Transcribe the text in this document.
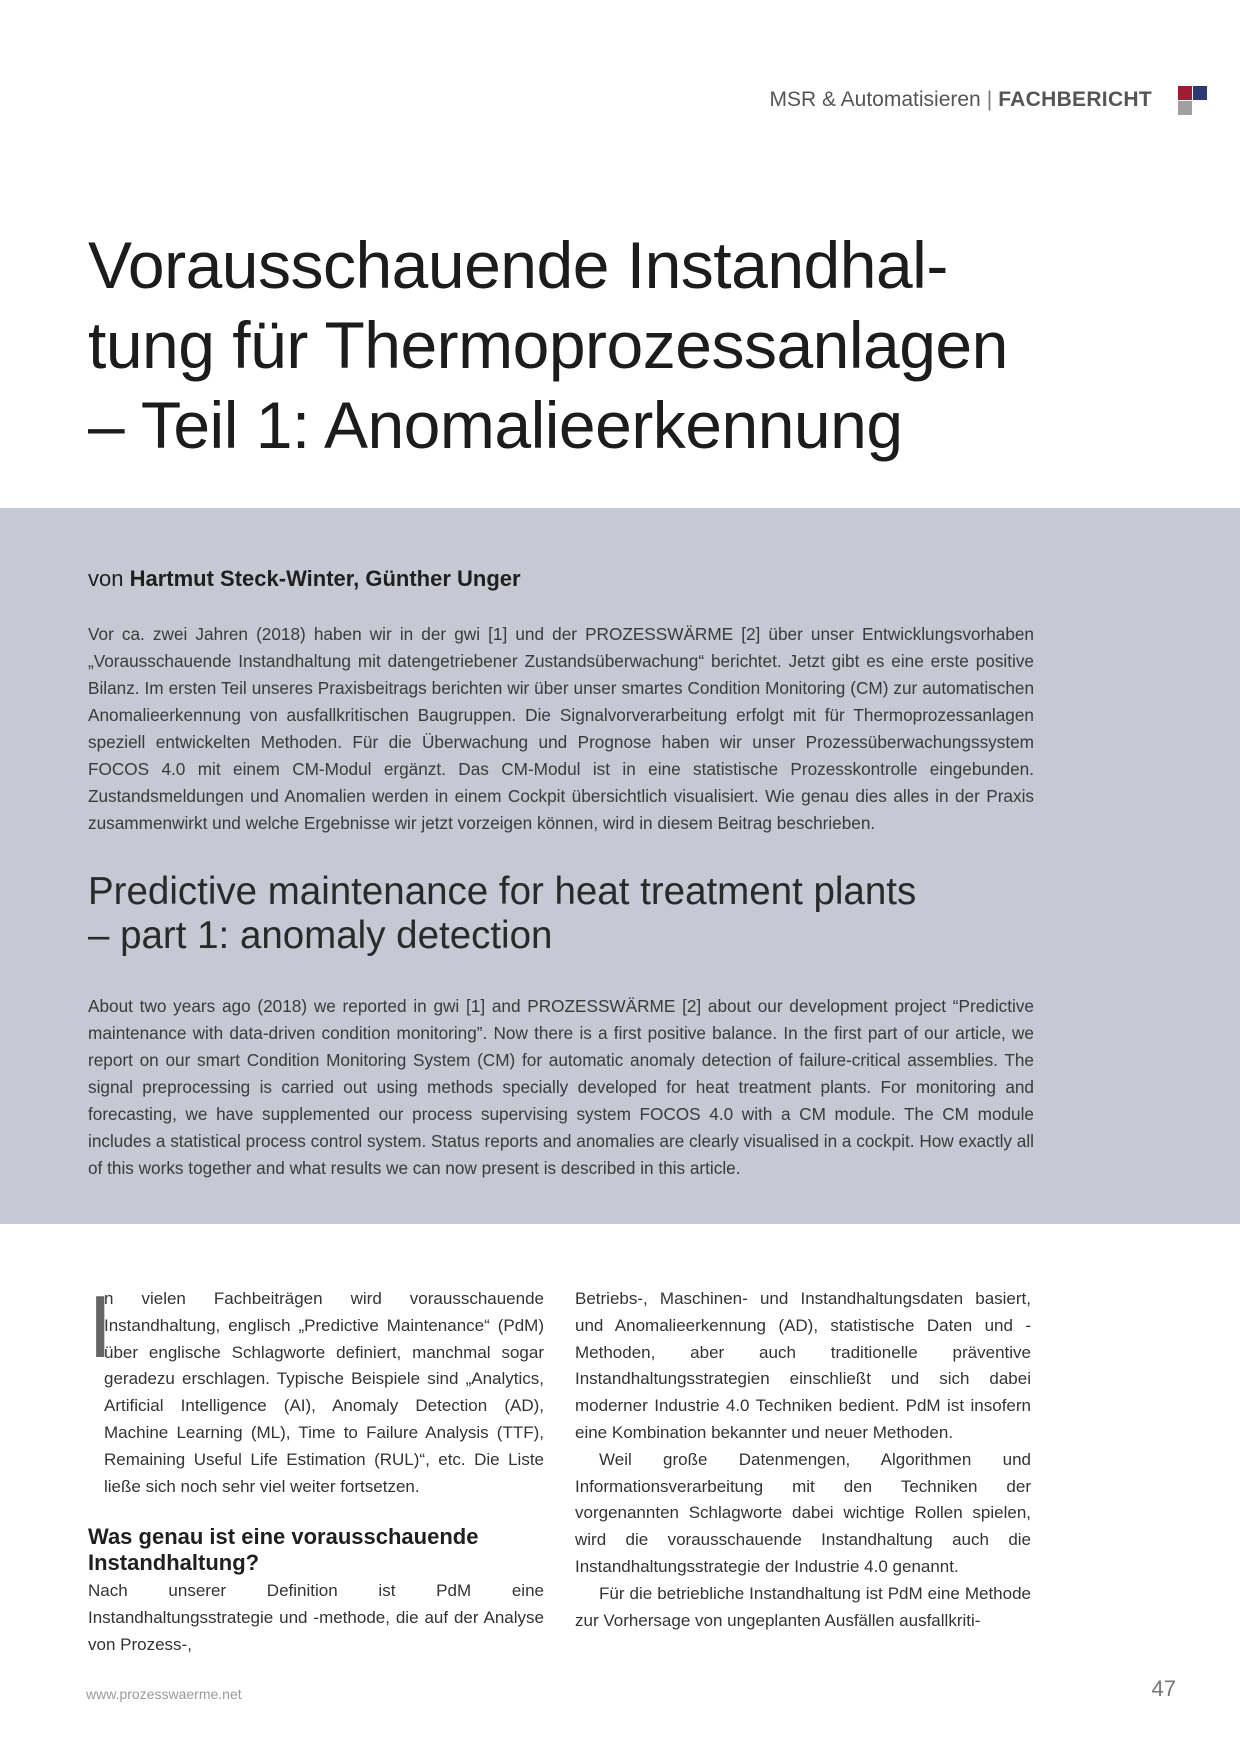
MSR & Automatisieren | FACHBERICHT
Vorausschauende Instandhal-
tung für Thermoprozessanlagen
– Teil 1: Anomalieerkennung
von Hartmut Steck-Winter, Günther Unger

Vor ca. zwei Jahren (2018) haben wir in der gwi [1] und der PROZESSWÄRME [2] über unser Entwicklungsvorhaben „Vorausschauende Instandhaltung mit datengetriebener Zustandsüberwachung“ berichtet. Jetzt gibt es eine erste positive Bilanz. Im ersten Teil unseres Praxisbeitrags berichten wir über unser smartes Condition Monitoring (CM) zur automatischen Anomalieerkennung von ausfallkritischen Baugruppen. Die Signalvorverarbeitung erfolgt mit für Thermoprozessanlagen speziell entwickelten Methoden. Für die Überwachung und Prognose haben wir unser Prozessüberwachungssystem FOCOS 4.0 mit einem CM-Modul ergänzt. Das CM-Modul ist in eine statistische Prozesskontrolle eingebunden. Zustandsmeldungen und Anomalien werden in einem Cockpit übersichtlich visualisiert. Wie genau dies alles in der Praxis zusammenwirkt und welche Ergebnisse wir jetzt vorzeigen können, wird in diesem Beitrag beschrieben.

Predictive maintenance for heat treatment plants
– part 1: anomaly detection

About two years ago (2018) we reported in gwi [1] and PROZESSWÄRME [2] about our development project “Predictive maintenance with data-driven condition monitoring”. Now there is a first positive balance. In the first part of our article, we report on our smart Condition Monitoring System (CM) for automatic anomaly detection of failure-critical assemblies. The signal preprocessing is carried out using methods specially developed for heat treatment plants. For monitoring and forecasting, we have supplemented our process supervising system FOCOS 4.0 with a CM module. The CM module includes a statistical process control system. Status reports and anomalies are clearly visualised in a cockpit. How exactly all of this works together and what results we can now present is described in this article.

I

n vielen Fachbeiträgen wird vorausschauende Instandhaltung, englisch „Predictive Maintenance“ (PdM) über englische Schlagworte definiert, manchmal sogar geradezu erschlagen. Typische Beispiele sind „Analytics, Artificial Intelligence (AI), Anomaly Detection (AD), Machine Learning (ML), Time to Failure Analysis (TTF), Remaining Useful Life Estimation (RUL)“, etc. Die Liste ließe sich noch sehr viel weiter fortsetzen.

Was genau ist eine vorausschauende Instandhaltung?

Nach unserer Definition ist PdM eine Instandhaltungsstrategie und -methode, die auf der Analyse von Prozess-,

Betriebs-, Maschinen- und Instandhaltungsdaten basiert, und Anomalieerkennung (AD), statistische Daten und -Methoden, aber auch traditionelle präventive Instandhaltungsstrategien einschließt und sich dabei moderner Industrie 4.0 Techniken bedient. PdM ist insofern eine Kombination bekannter und neuer Methoden.

Weil große Datenmengen, Algorithmen und Informationsverarbeitung mit den Techniken der vorgenannten Schlagworte dabei wichtige Rollen spielen, wird die vorausschauende Instandhaltung auch die Instandhaltungsstrategie der Industrie 4.0 genannt.

Für die betriebliche Instandhaltung ist PdM eine Methode zur Vorhersage von ungeplanten Ausfällen ausfallkriti-

www.prozesswaerme.net	47
